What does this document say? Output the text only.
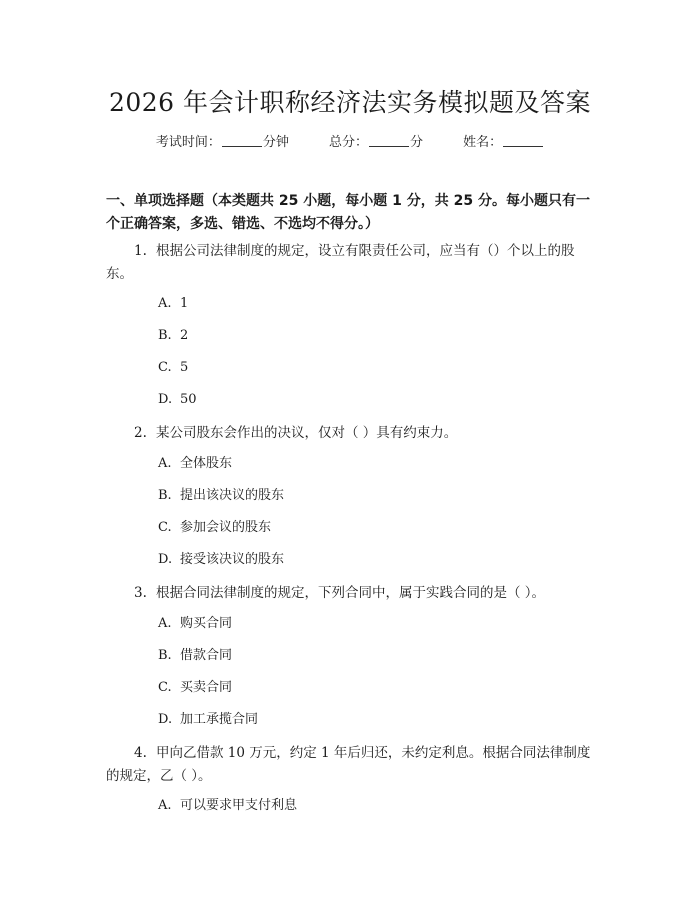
2026 年会计职称经济法实务模拟题及答案
考试时间：	分钟	总分：	分	姓名：
一、单项选择题（本类题共 25 小题，每小题 1 分，共 25 分。每小题只有一个正确答案，多选、错选、不选均不得分。）
1. 根据公司法律制度的规定，设立有限责任公司，应当有（）个以上的股东。
A. 1
B. 2
C. 5
D. 50
2. 某公司股东会作出的决议，仅对（ ）具有约束力。
A. 全体股东
B. 提出该决议的股东
C. 参加会议的股东
D. 接受该决议的股东
3. 根据合同法律制度的规定，下列合同中，属于实践合同的是（ ）。
A. 购买合同
B. 借款合同
C. 买卖合同
D. 加工承揽合同
4. 甲向乙借款 10 万元，约定 1 年后归还，未约定利息。根据合同法律制度的规定，乙（ ）。
A. 可以要求甲支付利息
